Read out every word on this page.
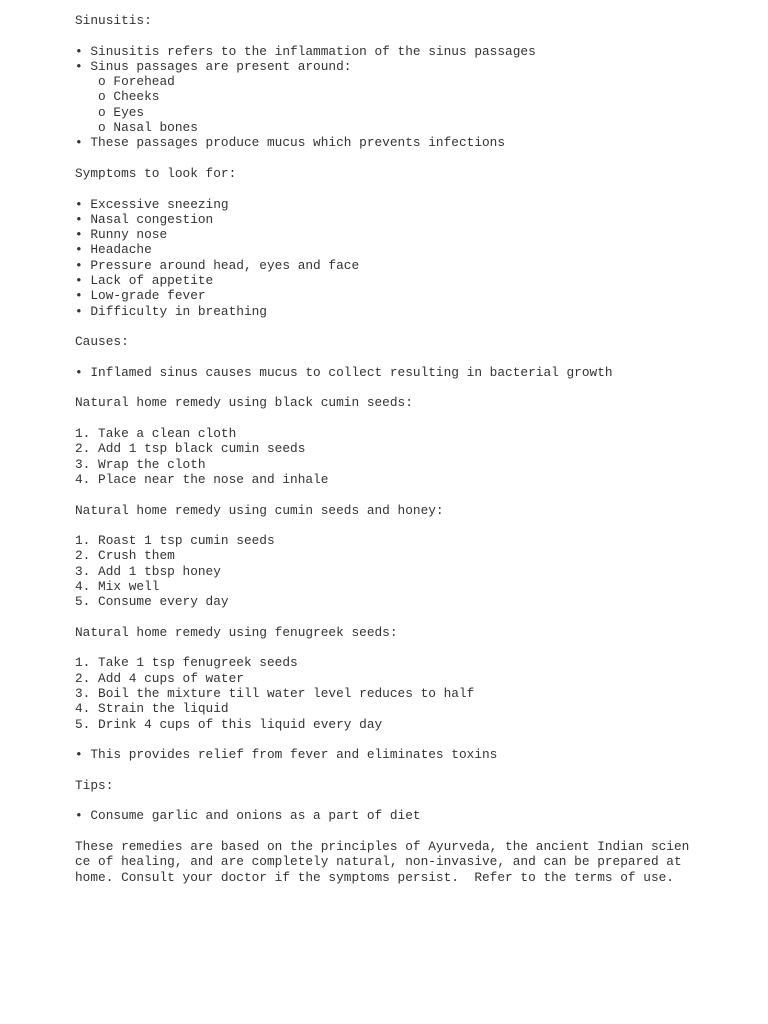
Sinusitis:
• Sinusitis refers to the inflammation of the sinus passages
• Sinus passages are present around:
o Forehead
o Cheeks
o Eyes
o Nasal bones
• These passages produce mucus which prevents infections
Symptoms to look for:
• Excessive sneezing
• Nasal congestion
• Runny nose
• Headache
• Pressure around head, eyes and face
• Lack of appetite
• Low-grade fever
• Difficulty in breathing
Causes:
• Inflamed sinus causes mucus to collect resulting in bacterial growth
Natural home remedy using black cumin seeds:
1. Take a clean cloth
2. Add 1 tsp black cumin seeds
3. Wrap the cloth
4. Place near the nose and inhale
Natural home remedy using cumin seeds and honey:
1. Roast 1 tsp cumin seeds
2. Crush them
3. Add 1 tbsp honey
4. Mix well
5. Consume every day
Natural home remedy using fenugreek seeds:
1. Take 1 tsp fenugreek seeds
2. Add 4 cups of water
3. Boil the mixture till water level reduces to half
4. Strain the liquid
5. Drink 4 cups of this liquid every day
• This provides relief from fever and eliminates toxins
Tips:
• Consume garlic and onions as a part of diet
These remedies are based on the principles of Ayurveda, the ancient Indian scien
ce of healing, and are completely natural, non-invasive, and can be prepared at
home. Consult your doctor if the symptoms persist.  Refer to the terms of use.
